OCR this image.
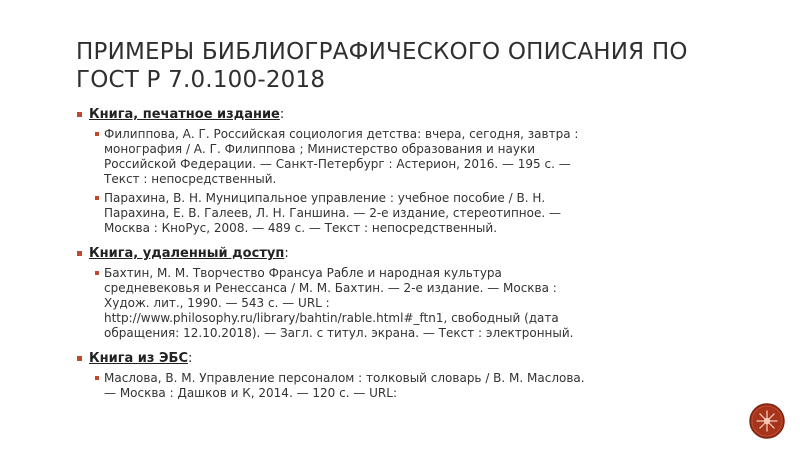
ПРИМЕРЫ БИБЛИОГРАФИЧЕСКОГО ОПИСАНИЯ ПО
ГОСТ Р 7.0.100-2018
Книга, печатное издание:
Филиппова, А. Г. Российская социология детства: вчера, сегодня, завтра :
монография / А. Г. Филиппова ; Министерство образования и науки
Российской Федерации. — Санкт-Петербург : Астерион, 2016. — 195 с. —
Текст : непосредственный.
Парахина, В. Н. Муниципальное управление : учебное пособие / В. Н.
Парахина, Е. В. Галеев, Л. Н. Ганшина. — 2-е издание, стереотипное. —
Москва : КноРус, 2008. — 489 с. — Текст : непосредственный.
Книга, удаленный доступ:
Бахтин, М. М. Творчество Франсуа Рабле и народная культура
средневековья и Ренессанса / М. М. Бахтин. — 2-е издание. — Москва :
Худож. лит., 1990. — 543 с. — URL :
http://www.philosophy.ru/library/bahtin/rable.html#_ftn1, свободный (дата
обращения: 12.10.2018). — Загл. с титул. экрана. — Текст : электронный.
Книга из ЭБС:
Маслова, В. М. Управление персоналом : толковый словарь / В. М. Маслова.
— Москва : Дашков и К, 2014. — 120 с. — URL:
